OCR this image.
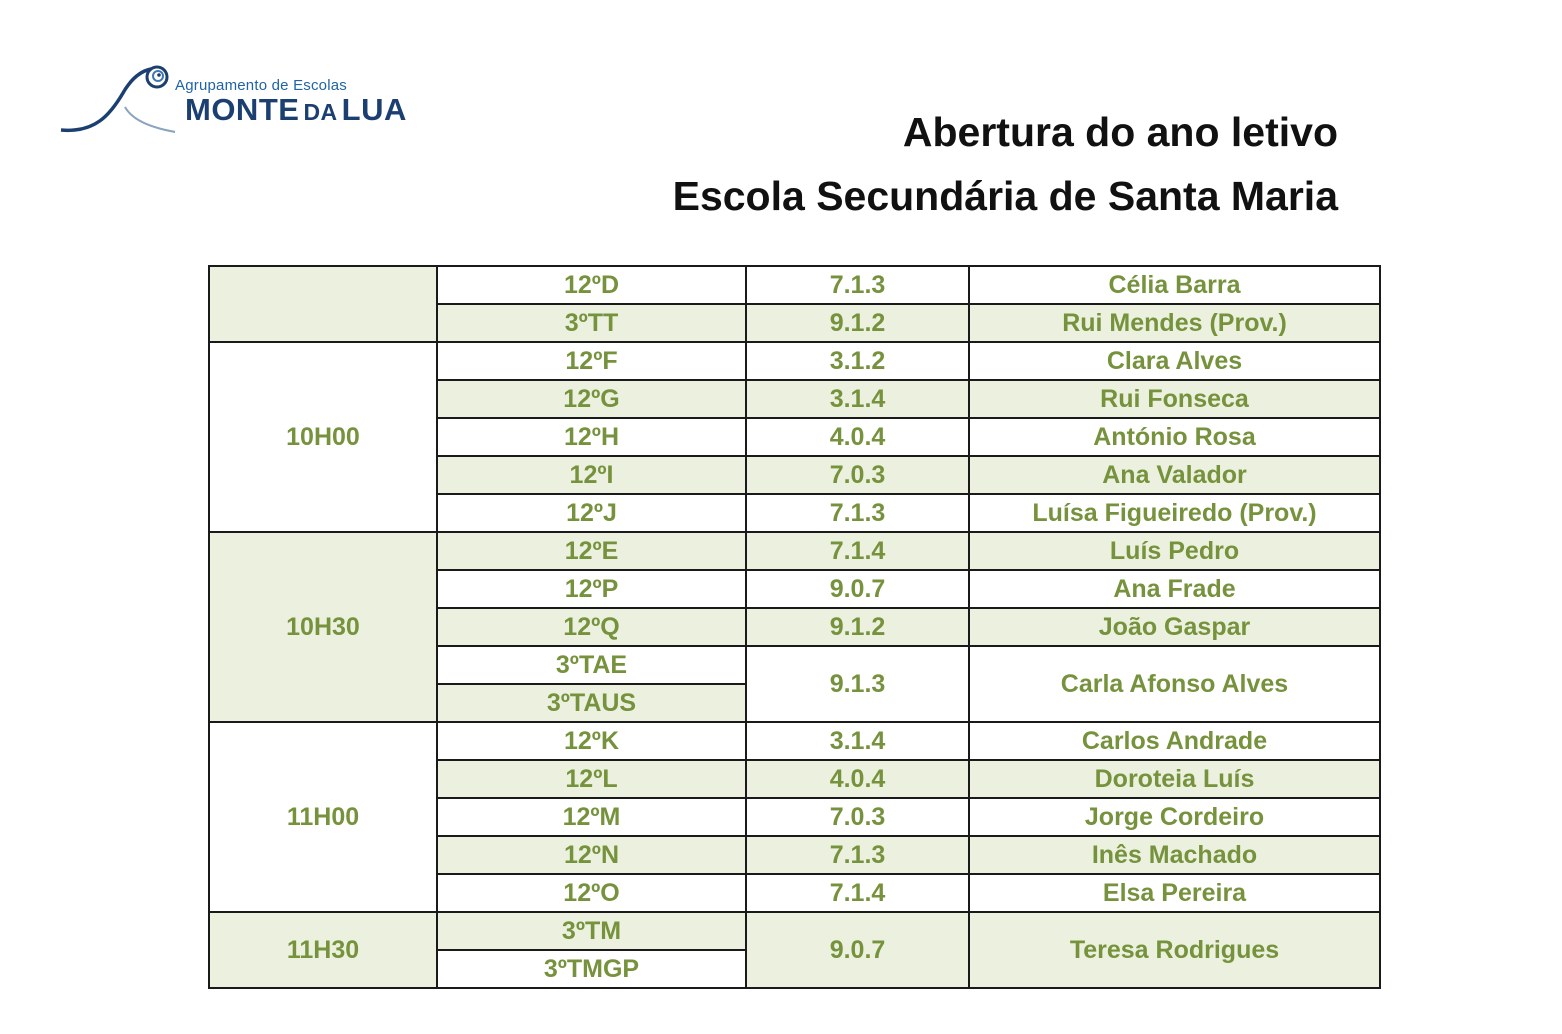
Agrupamento de Escolas
MONTE DA LUA	Abertura do ano letivo
Escola Secundária de Santa Maria
	12ºD	7.1.3	Célia Barra
	3ºTT	9.1.2	Rui Mendes (Prov.)
10H00	12ºF	3.1.2	Clara Alves
	12ºG	3.1.4	Rui Fonseca
	12ºH	4.0.4	António Rosa
	12ºI	7.0.3	Ana Valador
	12ºJ	7.1.3	Luísa Figueiredo (Prov.)
10H30	12ºE	7.1.4	Luís Pedro
	12ºP	9.0.7	Ana Frade
	12ºQ	9.1.2	João Gaspar
	3ºTAE	9.1.3	Carla Afonso Alves
	3ºTAUS		
11H00	12ºK	3.1.4	Carlos Andrade
	12ºL	4.0.4	Doroteia Luís
	12ºM	7.0.3	Jorge Cordeiro
	12ºN	7.1.3	Inês Machado
	12ºO	7.1.4	Elsa Pereira
11H30	3ºTM	9.0.7	Teresa Rodrigues
	3ºTMGP		
